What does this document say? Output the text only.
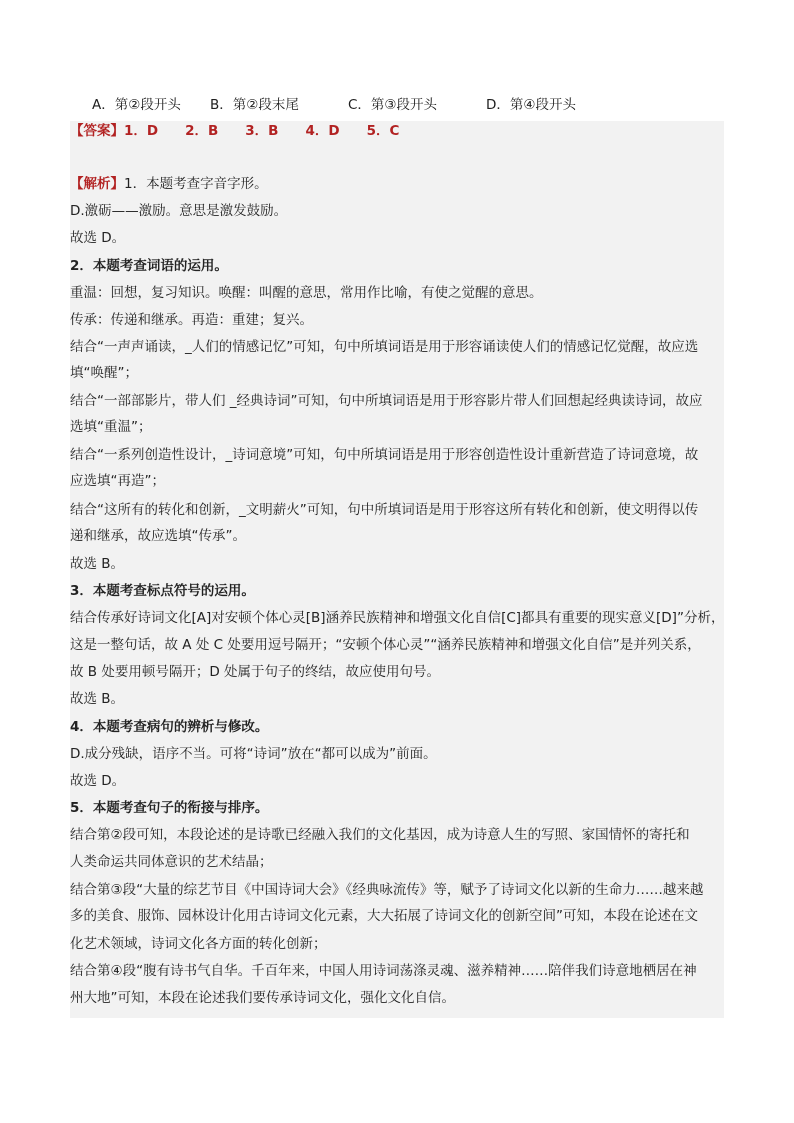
A．第②段开头 B．第②段末尾	C．第③段开头	D．第④段开头
【答案】1．D　　2．B　　3．B　　4．D　　5．C
【解析】1．本题考查字音字形。
D.激砺——激励。意思是激发鼓励。
故选 D。
2．本题考查词语的运用。
重温：回想，复习知识。唤醒：叫醒的意思，常用作比喻，有使之觉醒的意思。
传承：传递和继承。再造：重建；复兴。
结合“一声声诵读，_人们的情感记忆”可知，句中所填词语是用于形容诵读使人们的情感记忆觉醒，故应选
填“唤醒”；
结合“一部部影片，带人们 _经典诗词”可知，句中所填词语是用于形容影片带人们回想起经典读诗词，故应
选填“重温”；
结合“一系列创造性设计，_诗词意境”可知，句中所填词语是用于形容创造性设计重新营造了诗词意境，故
应选填“再造”；
结合“这所有的转化和创新，_文明薪火”可知，句中所填词语是用于形容这所有转化和创新，使文明得以传
递和继承，故应选填“传承”。
故选 B。
3．本题考查标点符号的运用。
结合传承好诗词文化[A]对安顿个体心灵[B]涵养民族精神和增强文化自信[C]都具有重要的现实意义[D]”分析，
这是一整句话，故 A 处 C 处要用逗号隔开；“安顿个体心灵”“涵养民族精神和增强文化自信”是并列关系，
故 B 处要用顿号隔开；D 处属于句子的终结，故应使用句号。
故选 B。
4．本题考查病句的辨析与修改。
D.成分残缺，语序不当。可将“诗词”放在“都可以成为”前面。
故选 D。
5．本题考查句子的衔接与排序。
结合第②段可知，本段论述的是诗歌已经融入我们的文化基因，成为诗意人生的写照、家国情怀的寄托和
人类命运共同体意识的艺术结晶；
结合第③段“大量的综艺节目《中国诗词大会》《经典咏流传》等，赋予了诗词文化以新的生命力……越来越
多的美食、服饰、园林设计化用古诗词文化元素，大大拓展了诗词文化的创新空间”可知，本段在论述在文
化艺术领域，诗词文化各方面的转化创新；
结合第④段“腹有诗书气自华。千百年来，中国人用诗词荡涤灵魂、滋养精神……陪伴我们诗意地栖居在神
州大地”可知，本段在论述我们要传承诗词文化，强化文化自信。
